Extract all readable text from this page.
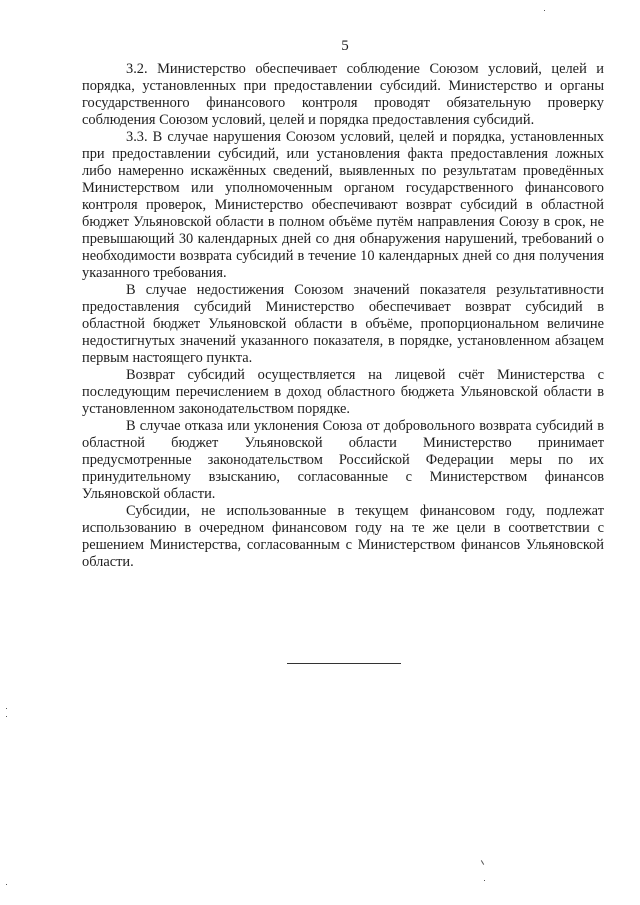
5

3.2. Министерство обеспечивает соблюдение Союзом условий, целей и порядка, установленных при предоставлении субсидий. Министерство и органы государственного финансового контроля проводят обязательную проверку соблюдения Союзом условий, целей и порядка предоставления субсидий.

3.3. В случае нарушения Союзом условий, целей и порядка, установленных при предоставлении субсидий, или установления факта предоставления ложных либо намеренно искажённых сведений, выявленных по результатам проведённых Министерством или уполномоченным органом государственного финансового контроля проверок, Министерство обеспечивают возврат субсидий в областной бюджет Ульяновской области в полном объёме путём направления Союзу в срок, не превышающий 30 календарных дней со дня обнаружения нарушений, требований о необходимости возврата субсидий в течение 10 календарных дней со дня получения указанного требования.

В случае недостижения Союзом значений показателя результативности предоставления субсидий Министерство обеспечивает возврат субсидий в областной бюджет Ульяновской области в объёме, пропорциональном величине недостигнутых значений указанного показателя, в порядке, установленном абзацем первым настоящего пункта.

Возврат субсидий осуществляется на лицевой счёт Министерства с последующим перечислением в доход областного бюджета Ульяновской области в установленном законодательством порядке.

В случае отказа или уклонения Союза от добровольного возврата субсидий в областной бюджет Ульяновской области Министерство принимает предусмотренные законодательством Российской Федерации меры по их принудительному взысканию, согласованные с Министерством финансов Ульяновской области.

Субсидии, не использованные в текущем финансовом году, подлежат использованию в очередном финансовом году на те же цели в соответствии с решением Министерства, согласованным с Министерством финансов Ульяновской области.
